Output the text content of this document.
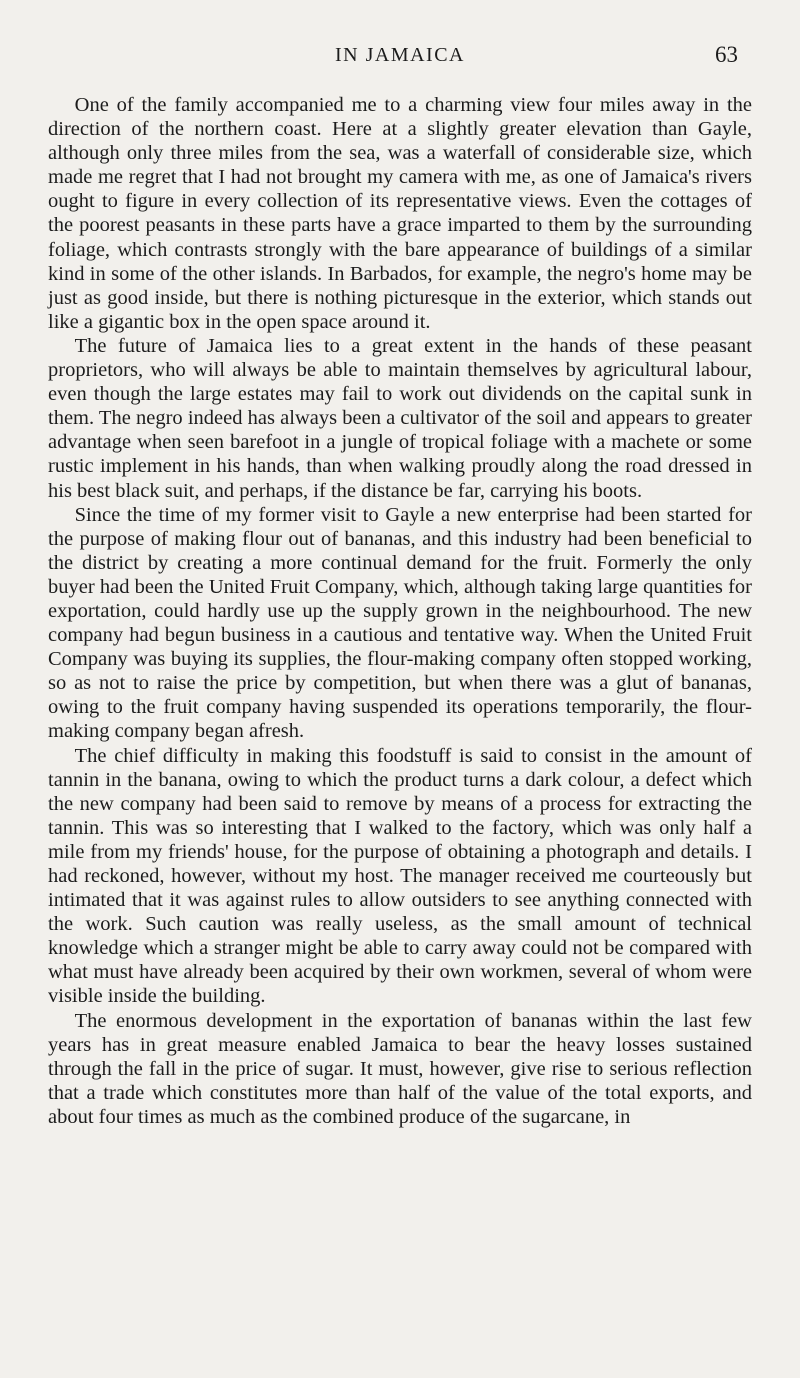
IN JAMAICA	63

One of the family accompanied me to a charming view four miles away in the direction of the northern coast. Here at a slightly greater elevation than Gayle, although only three miles from the sea, was a waterfall of considerable size, which made me regret that I had not brought my camera with me, as one of Jamaica's rivers ought to figure in every collection of its representative views. Even the cottages of the poorest peasants in these parts have a grace imparted to them by the surrounding foliage, which contrasts strongly with the bare appearance of buildings of a similar kind in some of the other islands. In Barbados, for example, the negro's home may be just as good inside, but there is nothing picturesque in the exterior, which stands out like a gigantic box in the open space around it.

The future of Jamaica lies to a great extent in the hands of these peasant proprietors, who will always be able to maintain themselves by agricultural labour, even though the large estates may fail to work out dividends on the capital sunk in them. The negro indeed has always been a cultivator of the soil and appears to greater advantage when seen barefoot in a jungle of tropical foliage with a machete or some rustic implement in his hands, than when walking proudly along the road dressed in his best black suit, and perhaps, if the distance be far, carrying his boots.

Since the time of my former visit to Gayle a new enterprise had been started for the purpose of making flour out of bananas, and this industry had been beneficial to the district by creating a more continual demand for the fruit. Formerly the only buyer had been the United Fruit Company, which, although taking large quantities for exportation, could hardly use up the supply grown in the neighbourhood. The new company had begun business in a cautious and tentative way. When the United Fruit Company was buying its supplies, the flour-making company often stopped working, so as not to raise the price by competition, but when there was a glut of bananas, owing to the fruit company having suspended its operations temporarily, the flour-making company began afresh.

The chief difficulty in making this foodstuff is said to consist in the amount of tannin in the banana, owing to which the product turns a dark colour, a defect which the new company had been said to remove by means of a process for extracting the tannin. This was so interesting that I walked to the factory, which was only half a mile from my friends' house, for the purpose of obtaining a photograph and details. I had reckoned, however, without my host. The manager received me courteously but intimated that it was against rules to allow outsiders to see anything connected with the work. Such caution was really useless, as the small amount of technical knowledge which a stranger might be able to carry away could not be compared with what must have already been acquired by their own workmen, several of whom were visible inside the building.

The enormous development in the exportation of bananas within the last few years has in great measure enabled Jamaica to bear the heavy losses sustained through the fall in the price of sugar. It must, however, give rise to serious reflection that a trade which constitutes more than half of the value of the total exports, and about four times as much as the combined produce of the sugarcane, in
